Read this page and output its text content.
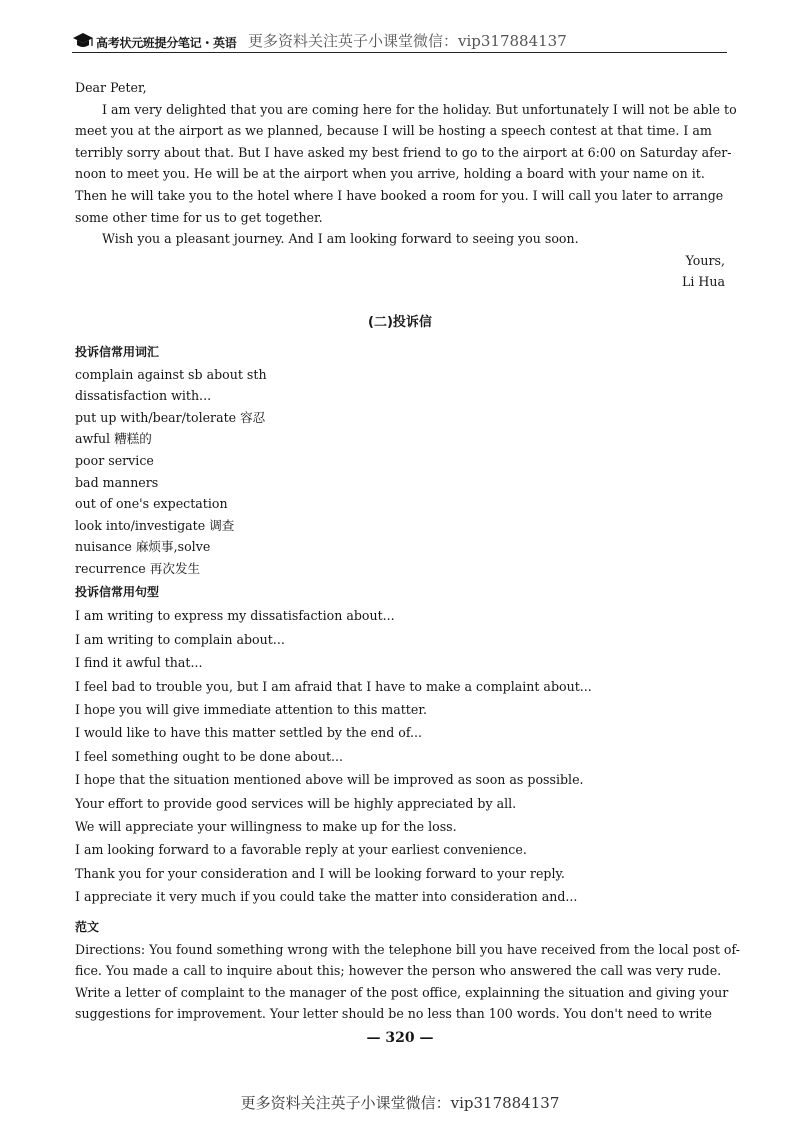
高考状元班提分笔记・英语 更多资料关注英子小课堂微信：vip317884137
Dear Peter,
I am very delighted that you are coming here for the holiday. But unfortunately I will not be able to
meet you at the airport as we planned, because I will be hosting a speech contest at that time. I am
terribly sorry about that. But I have asked my best friend to go to the airport at 6:00 on Saturday afer-
noon to meet you. He will be at the airport when you arrive, holding a board with your name on it.
Then he will take you to the hotel where I have booked a room for you. I will call you later to arrange
some other time for us to get together.
Wish you a pleasant journey. And I am looking forward to seeing you soon.
Yours,
Li Hua
(二)投诉信
投诉信常用词汇
complain against sb about sth
dissatisfaction with...
put up with/bear/tolerate 容忍
awful 糟糕的
poor service
bad manners
out of one's expectation
look into/investigate 调查
nuisance 麻烦事,solve
recurrence 再次发生
投诉信常用句型
I am writing to express my dissatisfaction about...
I am writing to complain about...
I find it awful that...
I feel bad to trouble you, but I am afraid that I have to make a complaint about...
I hope you will give immediate attention to this matter.
I would like to have this matter settled by the end of...
I feel something ought to be done about...
I hope that the situation mentioned above will be improved as soon as possible.
Your effort to provide good services will be highly appreciated by all.
We will appreciate your willingness to make up for the loss.
I am looking forward to a favorable reply at your earliest convenience.
Thank you for your consideration and I will be looking forward to your reply.
I appreciate it very much if you could take the matter into consideration and...
范文
Directions: You found something wrong with the telephone bill you have received from the local post of-
fice. You made a call to inquire about this; however the person who answered the call was very rude.
Write a letter of complaint to the manager of the post office, explainning the situation and giving your
suggestions for improvement. Your letter should be no less than 100 words. You don't need to write
— 320 —
更多资料关注英子小课堂微信：vip317884137
